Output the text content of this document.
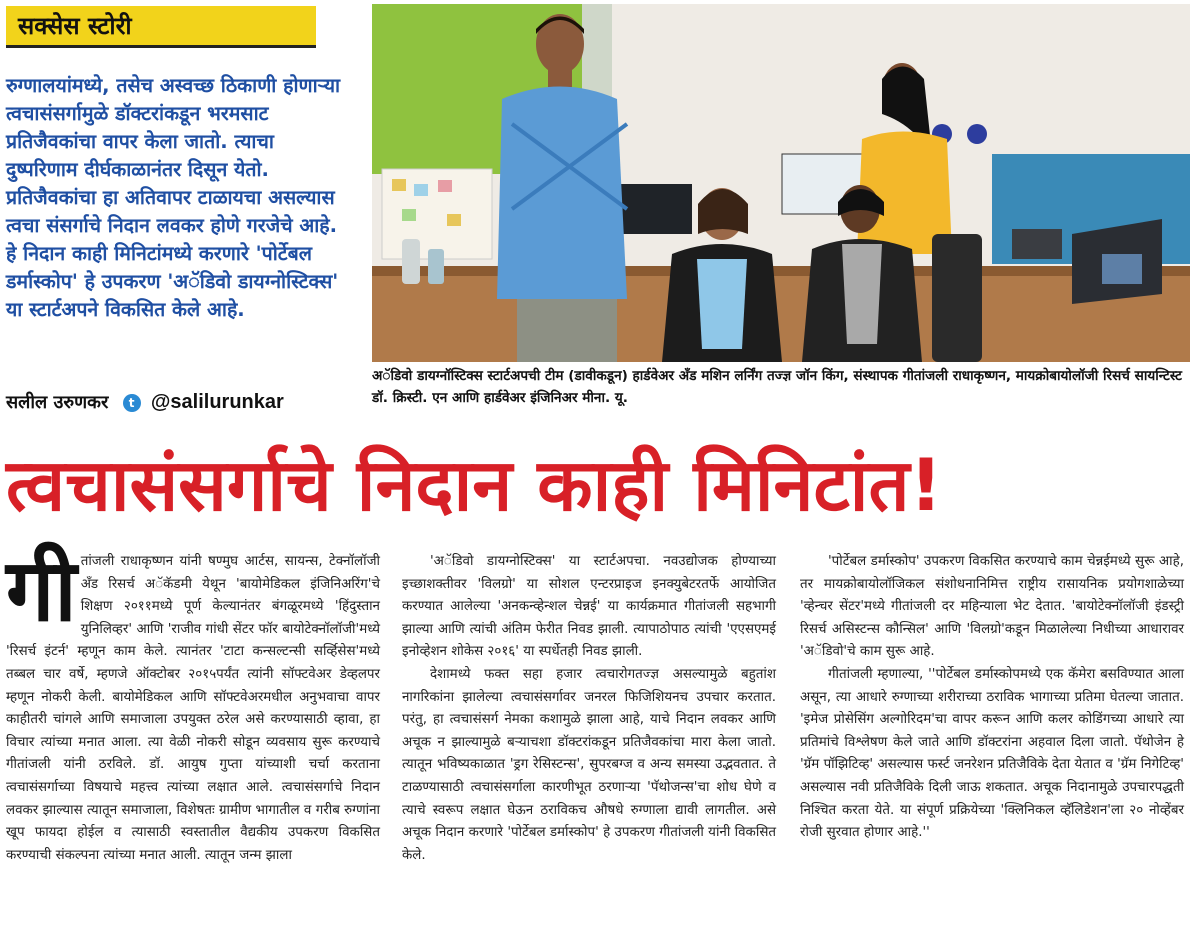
सक्सेस स्टोरी
रुग्णालयांमध्ये, तसेच अस्वच्छ ठिकाणी होणाऱ्या त्वचासंसर्गामुळे डॉक्टरांकडून भरमसाट प्रतिजैवकांचा वापर केला जातो. त्याचा दुष्परिणाम दीर्घकाळानंतर दिसून येतो. प्रतिजैवकांचा हा अतिवापर टाळायचा असल्यास त्वचा संसर्गाचे निदान लवकर होणे गरजेचे आहे. हे निदान काही मिनिटांमध्ये करणारे 'पोर्टेबल डर्मास्कोप' हे उपकरण 'अॅडिवो डायग्नोस्टिक्स' या स्टार्टअपने विकसित केले आहे.
सलील उरुणकर t @salilurunkar
अॅडिवो डायग्नॉस्टिक्स स्टार्टअपची टीम (डावीकडून) हार्डवेअर अँड मशिन लर्निंग तज्ज्ञ जॉन किंग, संस्थापक गीतांजली राधाकृष्णन, मायक्रोबायोलॉजी रिसर्च सायन्टिस्ट डॉ. क्रिस्टी. एन आणि हार्डवेअर इंजिनिअर मीना. यू.
त्वचासंसर्गाचे निदान काही मिनिटांत!
गी तांजली राधाकृष्णन यांनी षण्मुघ आर्टस, सायन्स, टेक्नॉलॉजी अँड रिसर्च अॅकॅडमी येथून 'बायोमेडिकल इंजिनिअरिंग'चे शिक्षण २०११मध्ये पूर्ण केल्यानंतर बंगळूरमध्ये 'हिंदुस्तान युनिलिव्हर' आणि 'राजीव गांधी सेंटर फॉर बायोटेक्नॉलॉजी'मध्ये 'रिसर्च इंटर्न' म्हणून काम केले. त्यानंतर 'टाटा कन्सल्टन्सी सर्व्हिसेस'मध्ये तब्बल चार वर्षे, म्हणजे ऑक्टोबर २०१५पर्यंत त्यांनी सॉफ्टवेअर डेव्हलपर म्हणून नोकरी केली. बायोमेडिकल आणि सॉफ्टवेअरमधील अनुभवाचा वापर काहीतरी चांगले आणि समाजाला उपयुक्त ठरेल असे करण्यासाठी व्हावा, हा विचार त्यांच्या मनात आला. त्या वेळी नोकरी सोडून व्यवसाय सुरू करण्याचे गीतांजली यांनी ठरविले. डॉ. आयुष गुप्ता यांच्याशी चर्चा करताना त्वचासंसर्गाच्या विषयाचे महत्त्व त्यांच्या लक्षात आले. त्वचासंसर्गाचे निदान लवकर झाल्यास त्यातून समाजाला, विशेषतः ग्रामीण भागातील व गरीब रुग्णांना खूप फायदा होईल व त्यासाठी स्वस्तातील वैद्यकीय उपकरण विकसित करण्याची संकल्पना त्यांच्या मनात आली. त्यातून जन्म झाला

'अॅडिवो डायग्नोस्टिक्स' या स्टार्टअपचा. नवउद्योजक होण्याच्या इच्छाशक्तीवर 'विलग्रो' या सोशल एन्टरप्राइज इनक्युबेटरतर्फे आयोजित करण्यात आलेल्या 'अनकन्व्हेन्शल चेन्नई' या कार्यक्रमात गीतांजली सहभागी झाल्या आणि त्यांची अंतिम फेरीत निवड झाली. त्यापाठोपाठ त्यांची 'एएसएमई इनोव्हेशन शोकेस २०१६' या स्पर्धेतही निवड झाली.

देशामध्ये फक्त सहा हजार त्वचारोगतज्ज्ञ असल्यामुळे बहुतांश नागरिकांना झालेल्या त्वचासंसर्गावर जनरल फिजिशियनच उपचार करतात. परंतु, हा त्वचासंसर्ग नेमका कशामुळे झाला आहे, याचे निदान लवकर आणि अचूक न झाल्यामुळे बऱ्याचशा डॉक्टरांकडून प्रतिजैवकांचा मारा केला जातो. त्यातून भविष्यकाळात 'ड्रग रेसिस्टन्स', सुपरबग्ज व अन्य समस्या उद्भवतात. ते टाळण्यासाठी त्वचासंसर्गाला कारणीभूत ठरणाऱ्या 'पॅथोजन्स'चा शोध घेणे व त्याचे स्वरूप लक्षात घेऊन ठराविकच औषधे रुग्णाला द्यावी लागतील. असे अचूक निदान करणारे 'पोर्टेबल डर्मास्कोप' हे उपकरण गीतांजली यांनी विकसित केले.

'पोर्टेबल डर्मास्कोप' उपकरण विकसित करण्याचे काम चेन्नईमध्ये सुरू आहे, तर मायक्रोबायोलॉजिकल संशोधनानिमित्त राष्ट्रीय रासायनिक प्रयोगशाळेच्या 'व्हेन्चर सेंटर'मध्ये गीतांजली दर महिन्याला भेट देतात. 'बायोटेक्नॉलॉजी इंडस्ट्री रिसर्च असिस्टन्स कौन्सिल' आणि 'विलग्रो'कडून मिळालेल्या निधीच्या आधारावर 'अॅडिवो'चे काम सुरू आहे.

गीतांजली म्हणाल्या, ''पोर्टेबल डर्मास्कोपमध्ये एक कॅमेरा बसविण्यात आला असून, त्या आधारे रुग्णाच्या शरीराच्या ठराविक भागाच्या प्रतिमा घेतल्या जातात. 'इमेज प्रोसेसिंग अल्गोरिदम'चा वापर करून आणि कलर कोडिंगच्या आधारे त्या प्रतिमांचे विश्लेषण केले जाते आणि डॉक्टरांना अहवाल दिला जातो. पॅथोजेन हे 'ग्रॅम पॉझिटिव्ह' असल्यास फर्स्ट जनरेशन प्रतिजैविके देता येतात व 'ग्रॅम निगेटिव्ह' असल्यास नवी प्रतिजैविके दिली जाऊ शकतात. अचूक निदानामुळे उपचारपद्धती निश्चित करता येते. या संपूर्ण प्रक्रियेच्या 'क्लिनिकल व्हॅलिडेशन'ला २० नोव्हेंबर रोजी सुरवात होणार आहे.''
